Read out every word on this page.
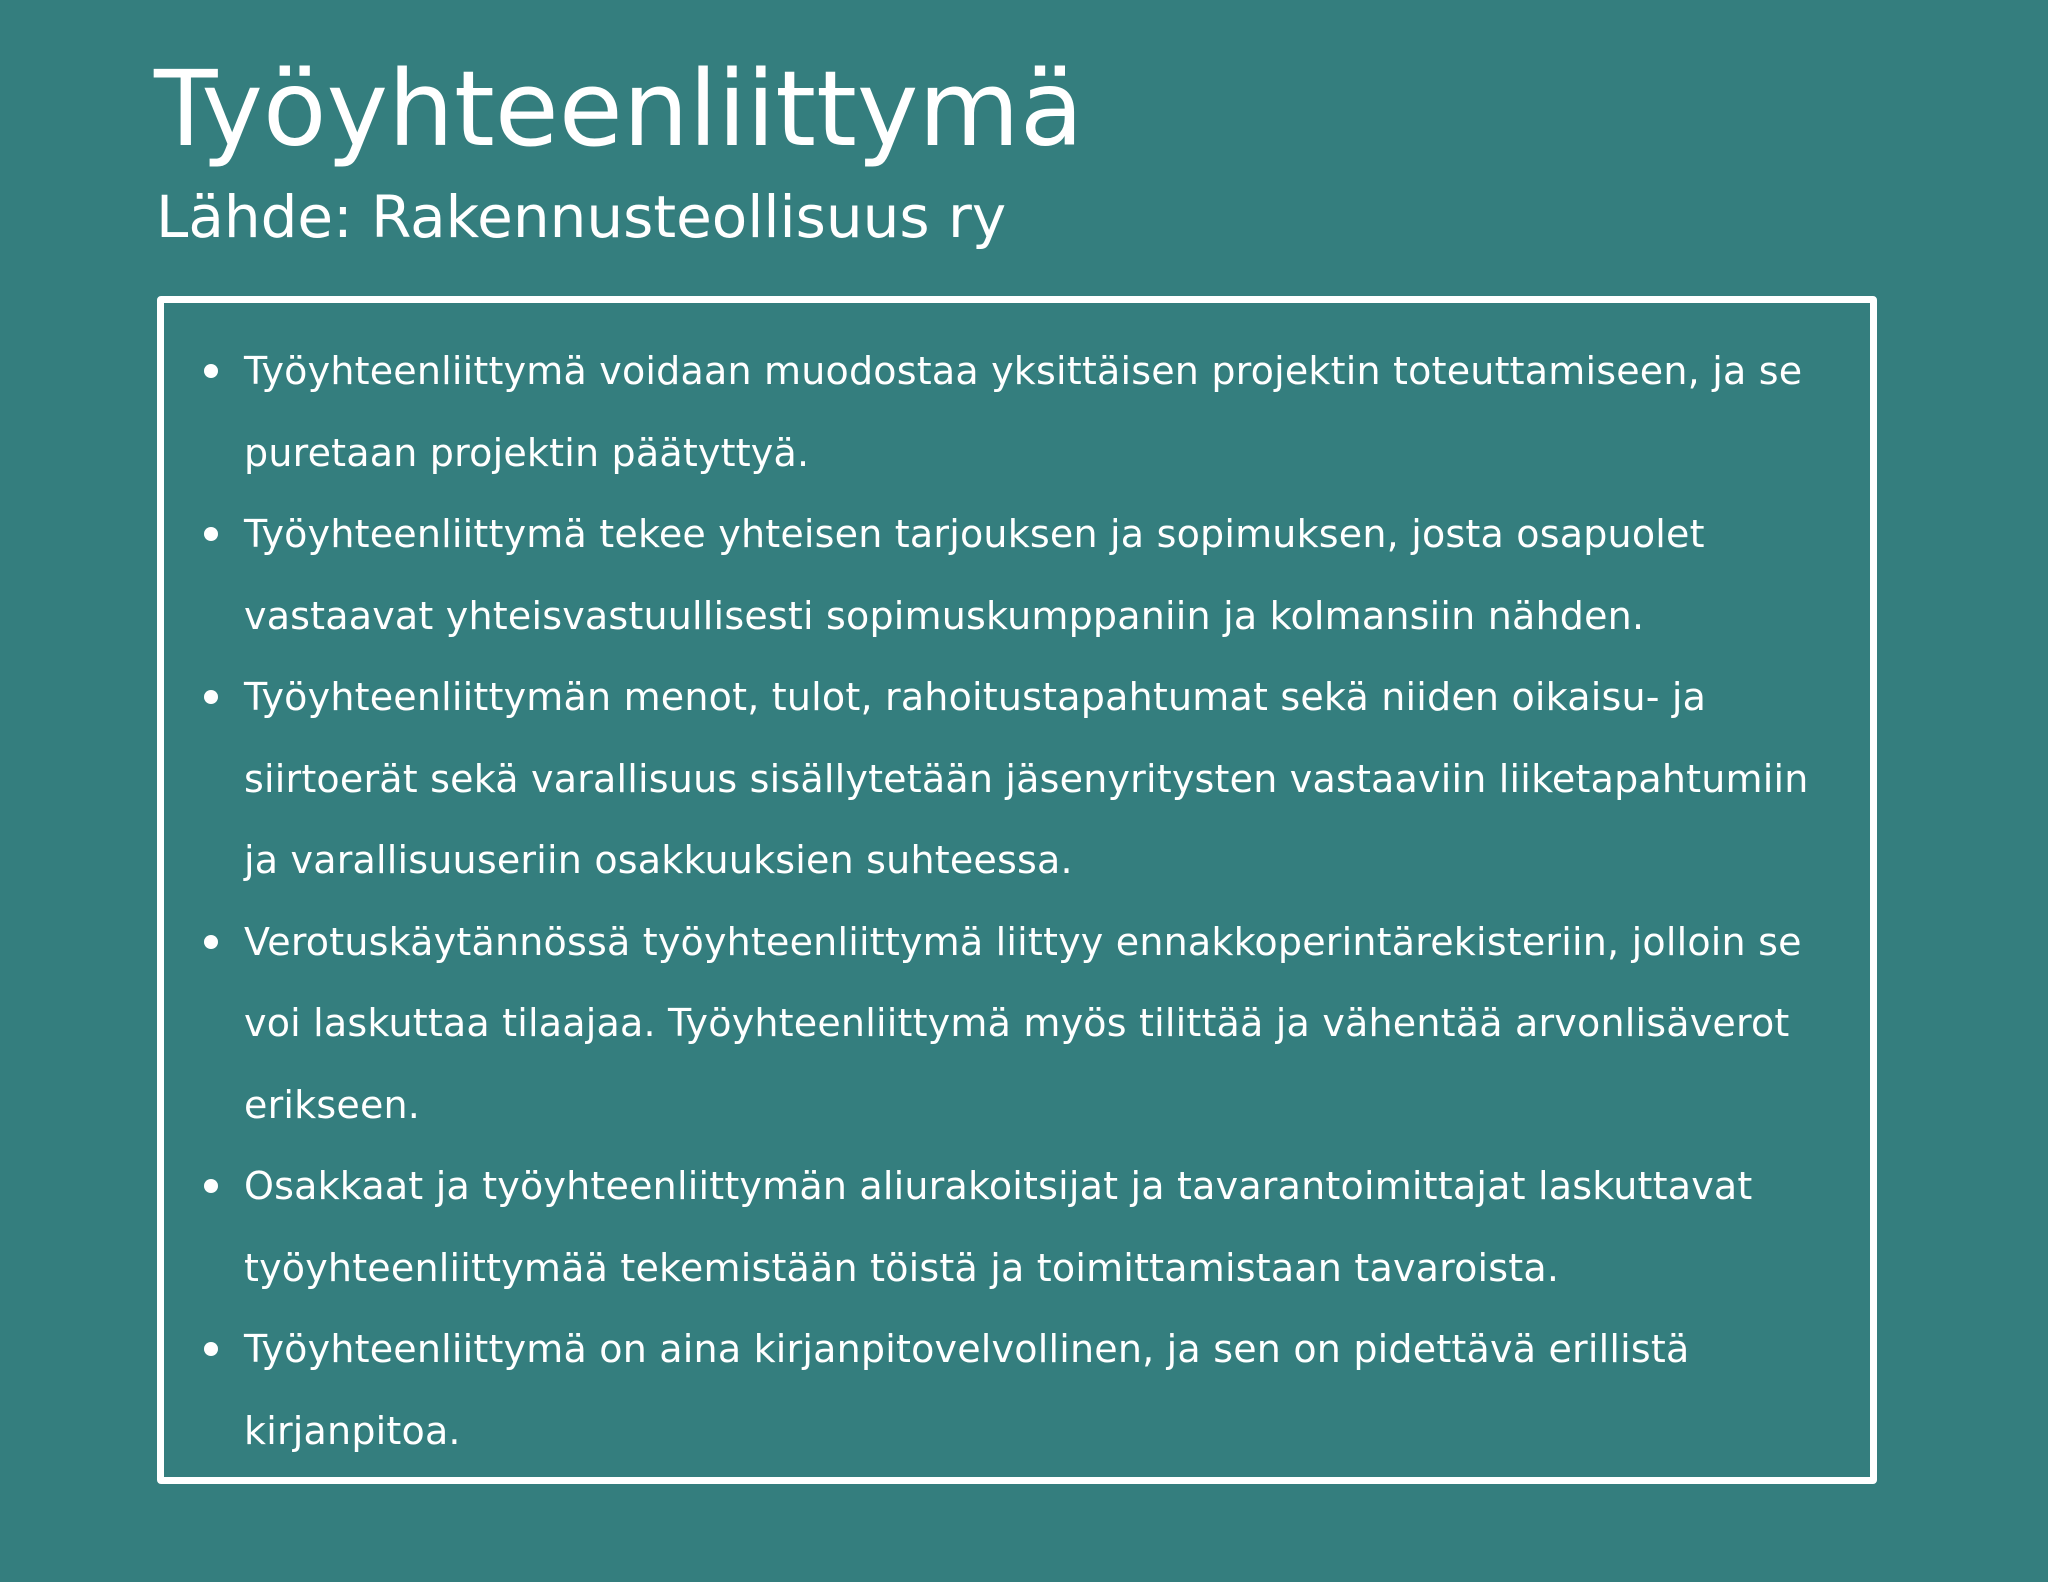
Työyhteenliittymä
Lähde: Rakennusteollisuus ry
Työyhteenliittymä voidaan muodostaa yksittäisen projektin toteuttamiseen, ja se puretaan projektin päätyttyä.
Työyhteenliittymä tekee yhteisen tarjouksen ja sopimuksen, josta osapuolet vastaavat yhteisvastuullisesti sopimuskumppaniin ja kolmansiin nähden.
Työyhteenliittymän menot, tulot, rahoitustapahtumat sekä niiden oikaisu- ja siirtoerät sekä varallisuus sisällytetään jäsenyritysten vastaaviin liiketapahtumiin ja varallisuuseriin osakkuuksien suhteessa.
Verotuskäytännössä työyhteenliittymä liittyy ennakkoperintärekisteriin, jolloin se voi laskuttaa tilaajaa. Työyhteenliittymä myös tilittää ja vähentää arvonlisäverot erikseen.
Osakkaat ja työyhteenliittymän aliurakoitsijat ja tavarantoimittajat laskuttavat työyhteenliittymää tekemistään töistä ja toimittamistaan tavaroista.
Työyhteenliittymä on aina kirjanpitovelvollinen, ja sen on pidettävä erillistä kirjanpitoa.
